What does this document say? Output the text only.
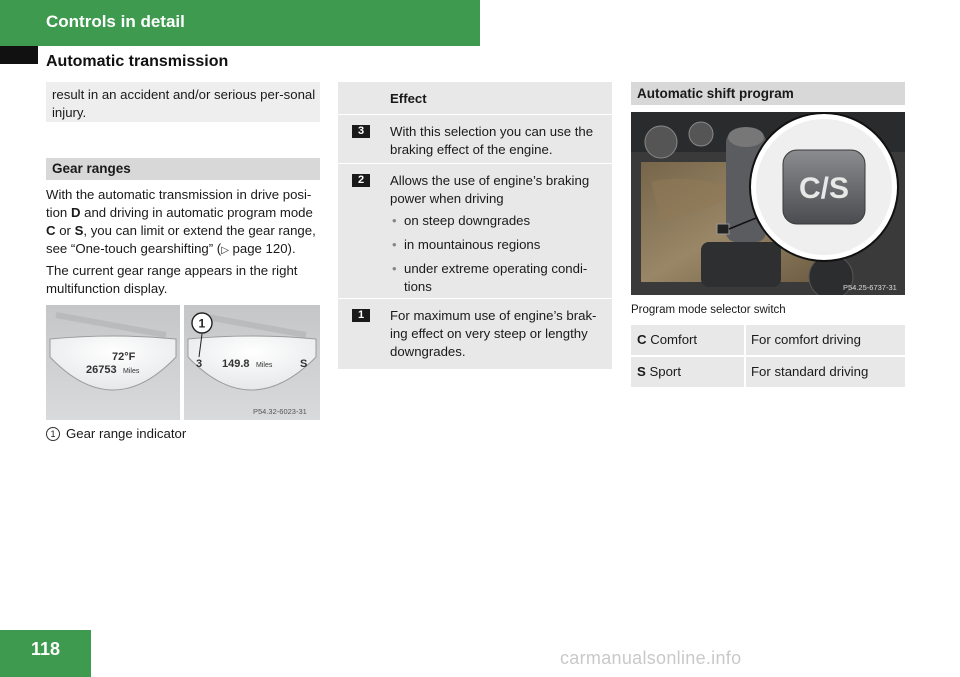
Controls in detail
Automatic transmission
result in an accident and/or serious per-sonal injury.
Gear ranges

With the automatic transmission in drive posi-tion D and driving in automatic program mode C or S, you can limit or extend the gear range, see “One-touch gearshifting” (▷ page 120).

The current gear range appears in the right multifunction display.

72°F
26753 Miles
3 149.8 Miles	S
1
P54.32-6023-31
1 Gear range indicator
Effect
3	With this selection you can use the braking effect of the engine.
2	Allows the use of engine’s braking power when driving
• on steep downgrades
• in mountainous regions
• under extreme operating condi-tions
1	For maximum use of engine’s brak-ing effect on very steep or lengthy downgrades.
Automatic shift program
C/S
P54.25-6737-31
Program mode selector switch
C Comfort	For comfort driving
S Sport	For standard driving
118	carmanualsonline.info
